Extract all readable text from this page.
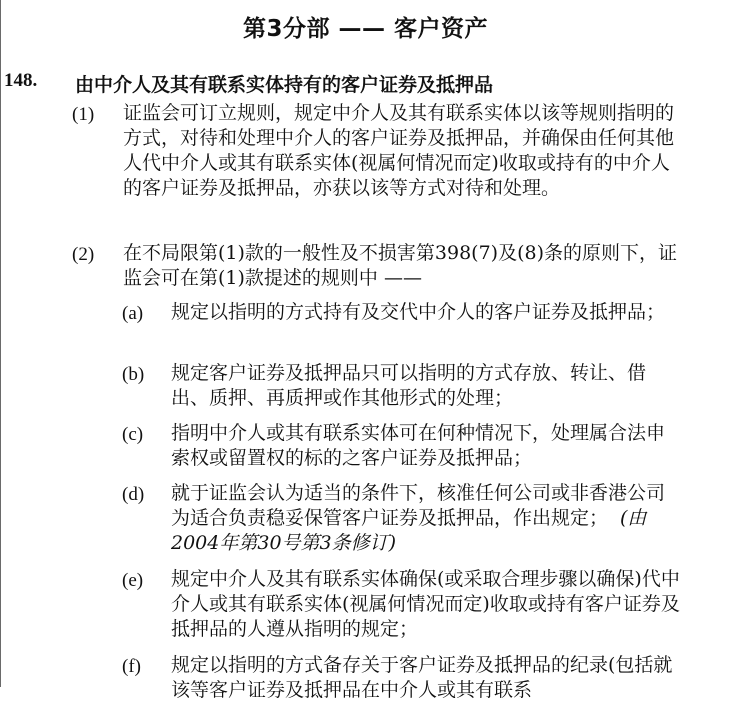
第3分部 —— 客户资产
148. 由中介人及其有联系实体持有的客户证券及抵押品
(1) 证监会可订立规则，规定中介人及其有联系实体以该等规则指明的方式，对待和处理中介人的客户证券及抵押品，并确保由任何其他人代中介人或其有联系实体(视属何情况而定)收取或持有的中介人的客户证券及抵押品，亦获以该等方式对待和处理。

(2) 在不局限第(1)款的一般性及不损害第398(7)及(8)条的原则下，证监会可在第(1)款提述的规则中 ——

(a) 规定以指明的方式持有及交代中介人的客户证券及抵押品；

(b) 规定客户证券及抵押品只可以指明的方式存放、转让、借出、质押、再质押或作其他形式的处理；

(c) 指明中介人或其有联系实体可在何种情况下，处理属合法申索权或留置权的标的之客户证券及抵押品；

(d) 就于证监会认为适当的条件下，核准任何公司或非香港公司为适合负责稳妥保管客户证券及抵押品，作出规定； (由2004年第30号第3条修订)

(e) 规定中介人及其有联系实体确保(或采取合理步骤以确保)代中介人或其有联系实体(视属何情况而定)收取或持有客户证券及抵押品的人遵从指明的规定；

(f) 规定以指明的方式备存关于客户证券及抵押品的纪录(包括就该等客户证券及抵押品在中介人或其有联系
